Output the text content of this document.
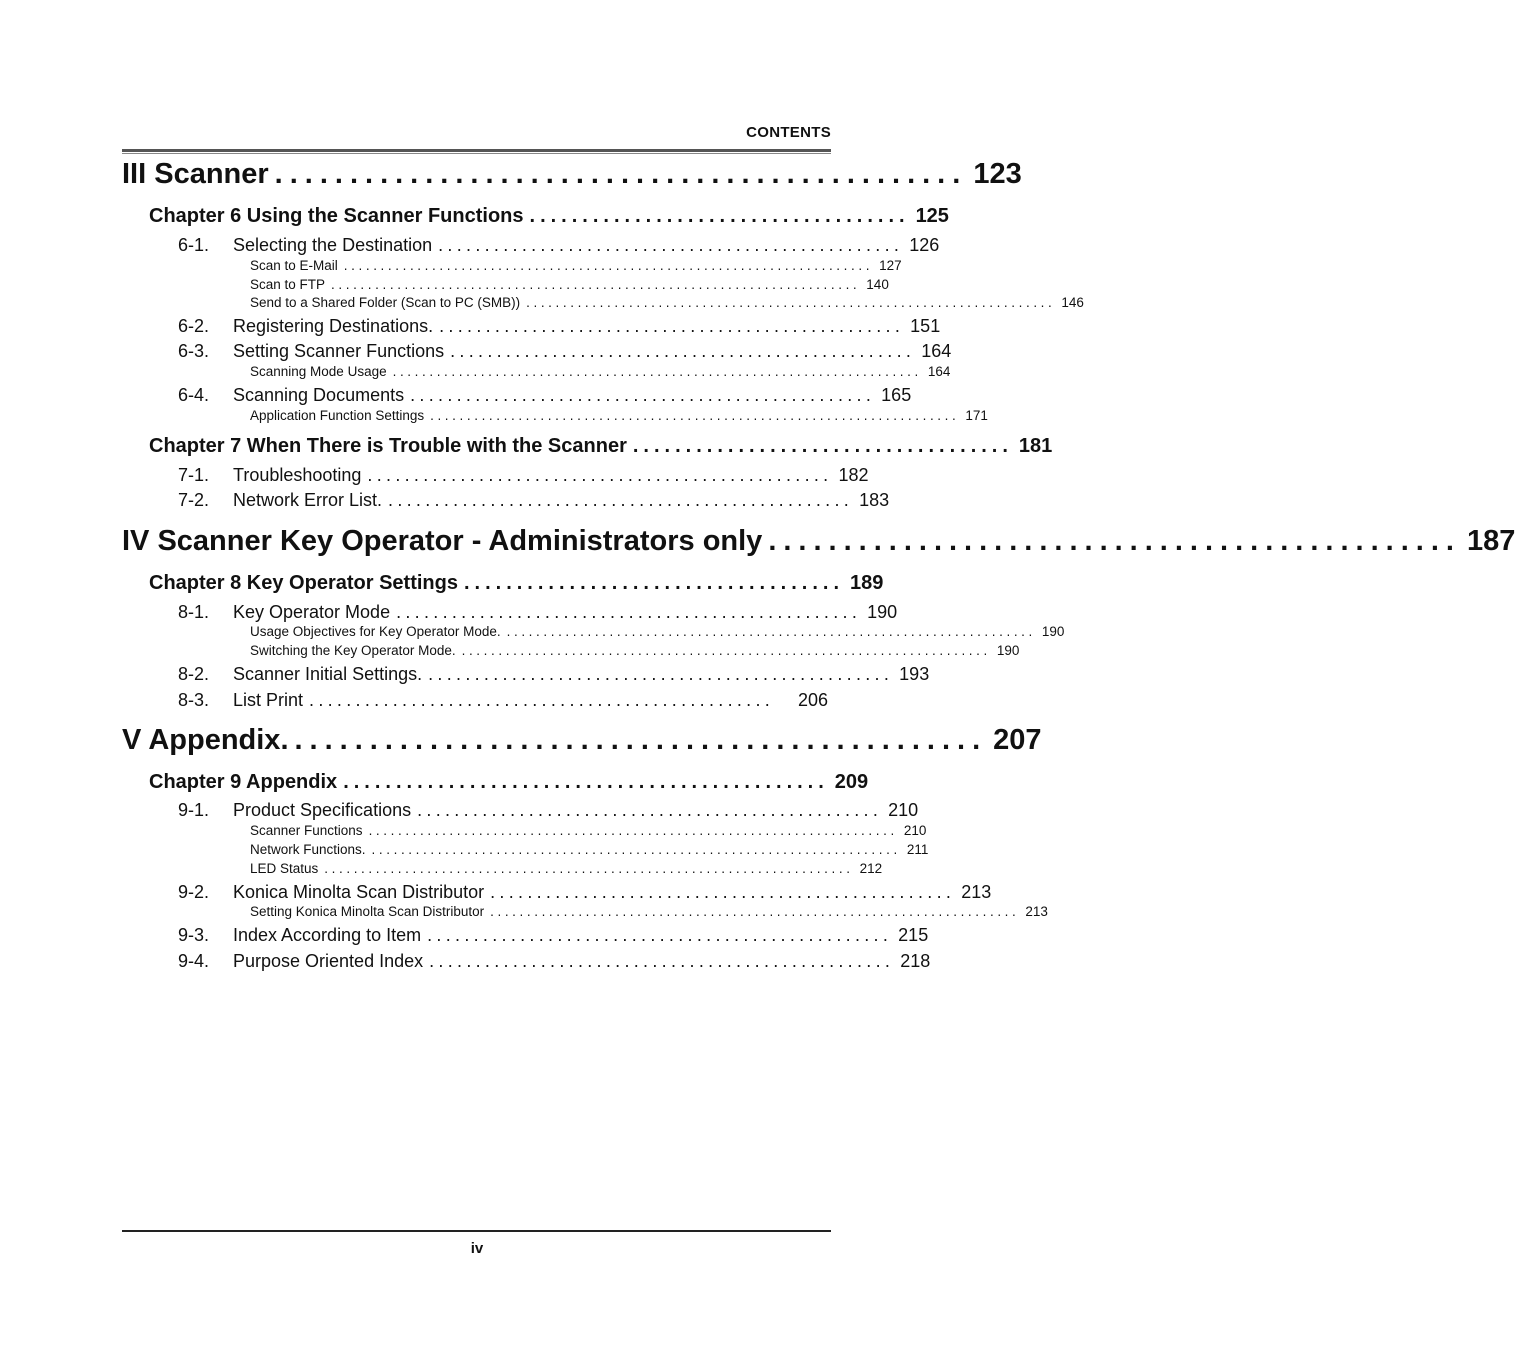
CONTENTS
III Scanner .............................................. 123
Chapter 6 Using the Scanner Functions .................................... 125
6-1.	Selecting the Destination .................................................. 126
Scan to E-Mail ........................................................................ 127
Scan to FTP ........................................................................ 140
Send to a Shared Folder (Scan to PC (SMB)) ........................................................................ 146
6-2.	Registering Destinations. .................................................. 151
6-3.	Setting Scanner Functions .................................................. 164
Scanning Mode Usage ........................................................................ 164
6-4.	Scanning Documents .................................................. 165
Application Function Settings ........................................................................ 171
Chapter 7 When There is Trouble with the Scanner .................................... 181
7-1.	Troubleshooting .................................................. 182
7-2.	Network Error List. .................................................. 183
IV Scanner Key Operator - Administrators only .............................................. 187
Chapter 8 Key Operator Settings .................................... 189
8-1.	Key Operator Mode .................................................. 190
Usage Objectives for Key Operator Mode. ........................................................................ 190
Switching the Key Operator Mode. ........................................................................ 190
8-2.	Scanner Initial Settings. .................................................. 193
8-3.	List Print ..................................................	206
V Appendix. .............................................. 207
Chapter 9 Appendix .............................................. 209
9-1.	Product Specifications .................................................. 210
Scanner Functions ........................................................................ 210
Network Functions. ........................................................................ 211
LED Status ........................................................................ 212
9-2.	Konica Minolta Scan Distributor .................................................. 213
Setting Konica Minolta Scan Distributor ........................................................................ 213
9-3.	Index According to Item .................................................. 215
9-4.	Purpose Oriented Index .................................................. 218
iv
